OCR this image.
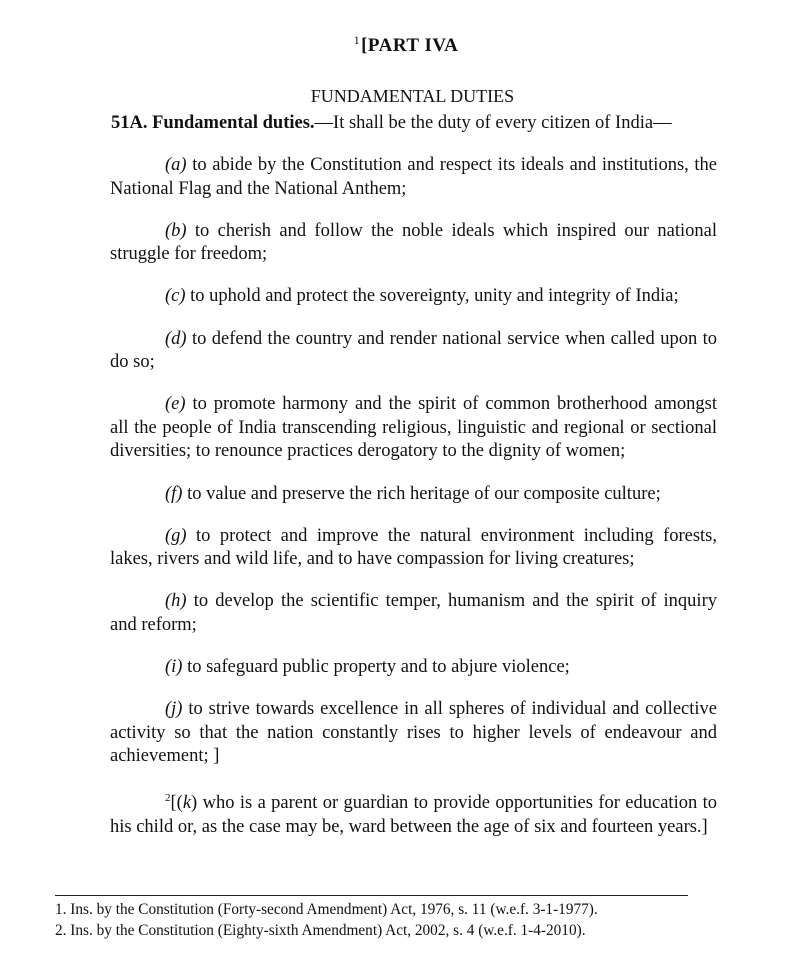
$^1$[PART IVA
FUNDAMENTAL DUTIES

51A. Fundamental duties.—It shall be the duty of every citizen of India—

(a) to abide by the Constitution and respect its ideals and institutions, the National Flag and the National Anthem;

(b) to cherish and follow the noble ideals which inspired our national struggle for freedom;

(c) to uphold and protect the sovereignty, unity and integrity of India;

(d) to defend the country and render national service when called upon to do so;

(e) to promote harmony and the spirit of common brotherhood amongst all the people of India transcending religious, linguistic and regional or sectional diversities; to renounce practices derogatory to the dignity of women;

(f) to value and preserve the rich heritage of our composite culture;

(g) to protect and improve the natural environment including forests, lakes, rivers and wild life, and to have compassion for living creatures;

(h) to develop the scientific temper, humanism and the spirit of inquiry and reform;

(i) to safeguard public property and to abjure violence;

(j) to strive towards excellence in all spheres of individual and collective activity so that the nation constantly rises to higher levels of endeavour and achievement; ]

$^2$[(k) who is a parent or guardian to provide opportunities for education to his child or, as the case may be, ward between the age of six and fourteen years.]

1. Ins. by the Constitution (Forty-second Amendment) Act, 1976, s. 11 (w.e.f. 3-1-1977).
2. Ins. by the Constitution (Eighty-sixth Amendment) Act, 2002, s. 4 (w.e.f. 1-4-2010).
